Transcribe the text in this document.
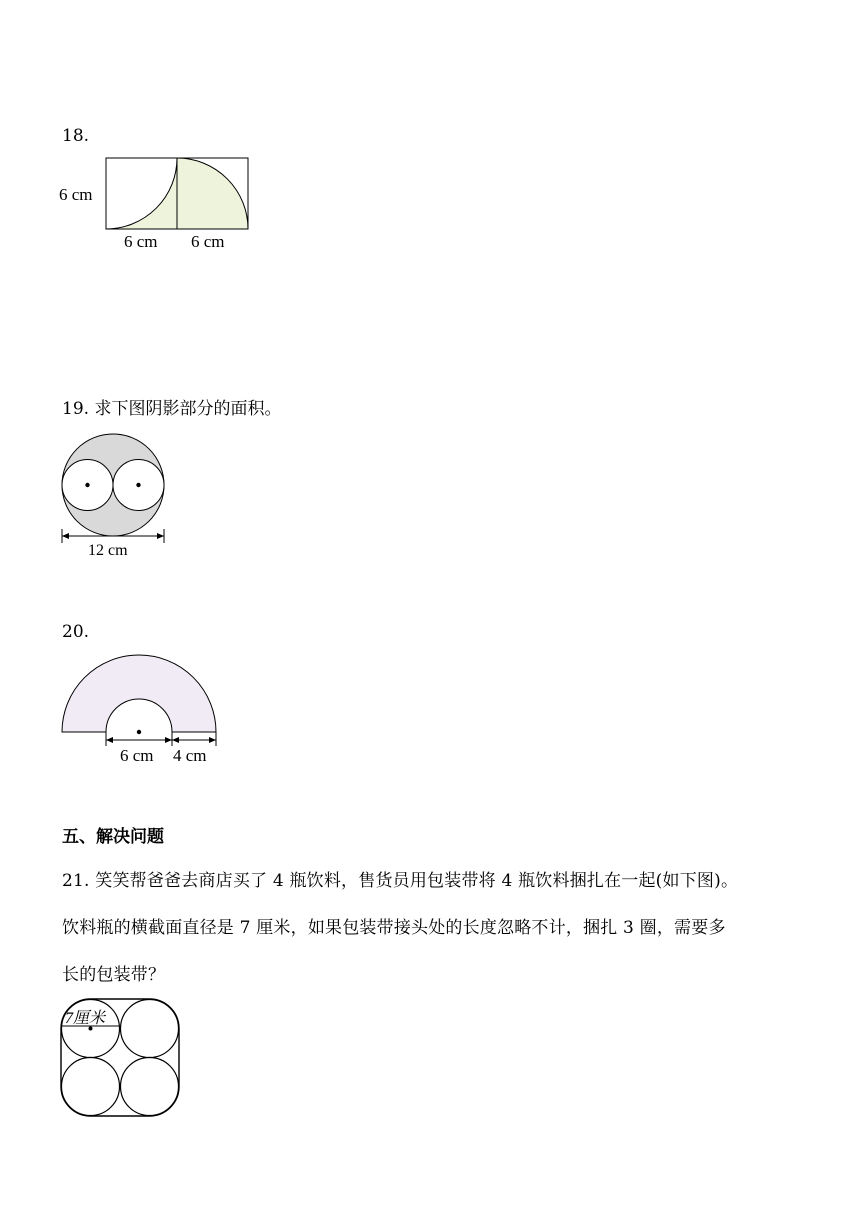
18.
6 cm
6 cm 6 cm
19. 求下图阴影部分的面积。
12 cm
20.
6 cm 4 cm
五、解决问题
21. 笑笑帮爸爸去商店买了 4 瓶饮料，售货员用包装带将 4 瓶饮料捆扎在一起(如下图)。
饮料瓶的横截面直径是 7 厘米，如果包装带接头处的长度忽略不计，捆扎 3 圈，需要多
长的包装带？
7厘米
